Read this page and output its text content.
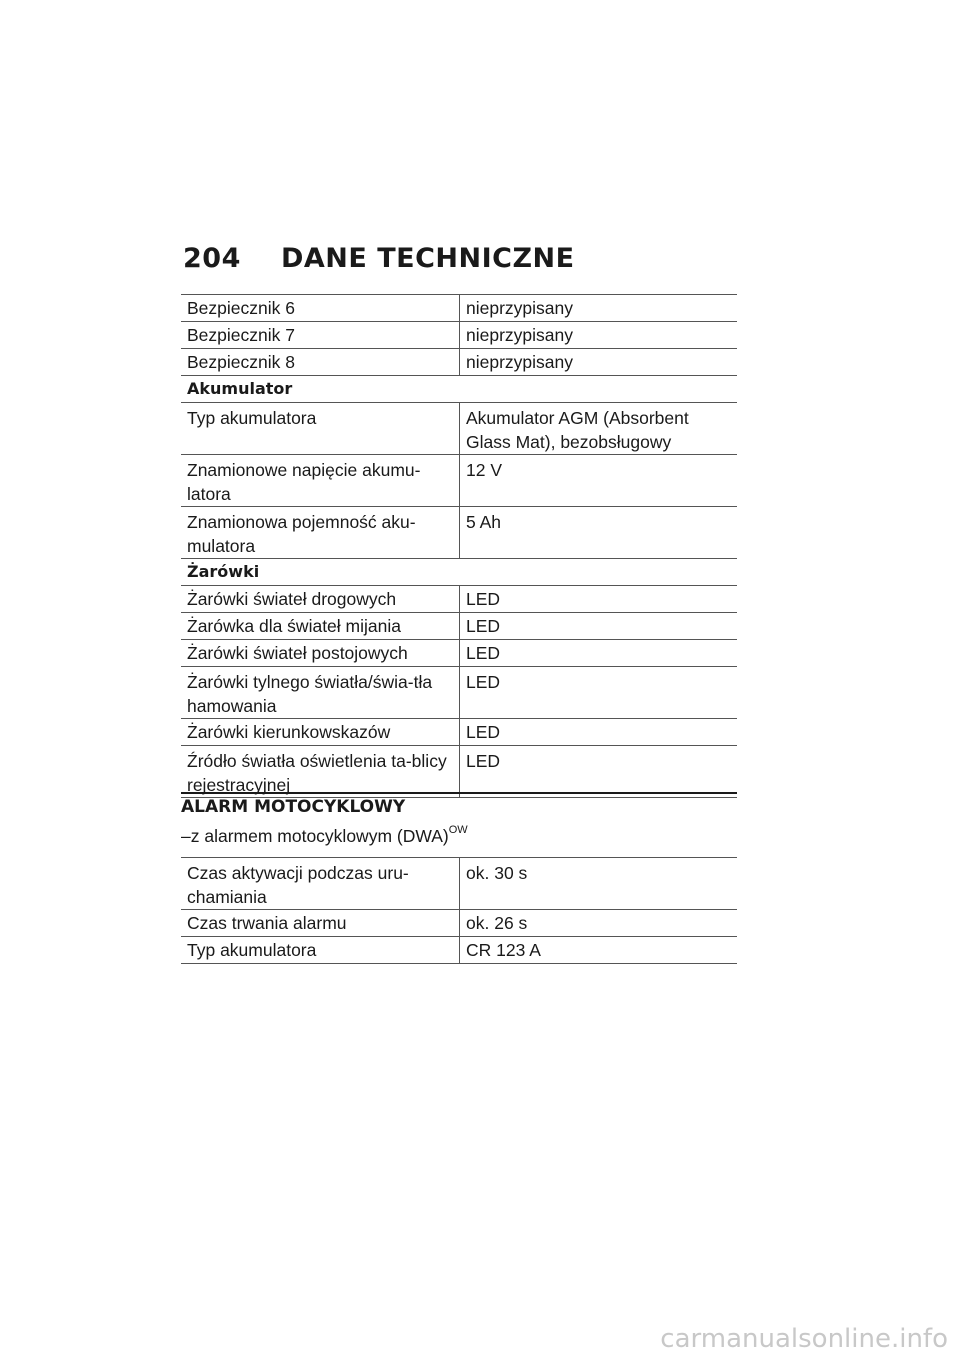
204	DANE TECHNICZNE
Bezpiecznik 6	nieprzypisany
Bezpiecznik 7	nieprzypisany
Bezpiecznik 8	nieprzypisany
Akumulator	
Typ akumulatora	Akumulator AGM (Absorbent Glass Mat), bezobsługowy
Znamionowe napięcie akumu-latora	12 V
Znamionowa pojemność aku-mulatora	5 Ah
Żarówki	
Żarówki świateł drogowych	LED
Żarówka dla świateł mijania	LED
Żarówki świateł postojowych	LED
Żarówki tylnego światła/świa-tła hamowania	LED
Żarówki kierunkowskazów	LED
Źródło światła oświetlenia ta-blicy rejestracyjnej	LED
ALARM MOTOCYKLOWY
–z alarmem motocyklowym (DWA)$^{OW}$
Czas aktywacji podczas uru-chamiania	ok. 30 s
Czas trwania alarmu	ok. 26 s
Typ akumulatora	CR 123 A
carmanualsonline.info
